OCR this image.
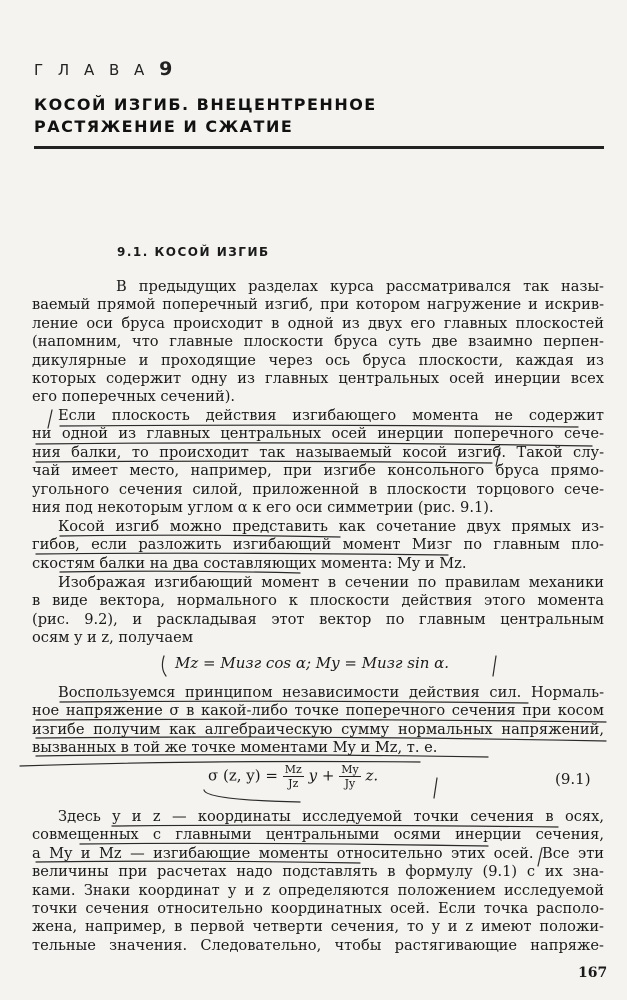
Г Л А В А 9
КОСОЙ ИЗГИБ. ВНЕЦЕНТРЕННОЕ
РАСТЯЖЕНИЕ И СЖАТИЕ
9.1. КОСОЙ ИЗГИБ
В предыдущих разделах курса рассматривался так назы-
ваемый прямой поперечный изгиб, при котором нагружение и искрив-
ление оси бруса происходит в одной из двух его главных плоскостей
(напомним, что главные плоскости бруса суть две взаимно перпен-
дикулярные и проходящие через ось бруса плоскости, каждая из
которых содержит одну из главных центральных осей инерции всех
его поперечных сечений).
Если плоскость действия изгибающего момента не содержит
ни одной из главных центральных осей инерции поперечного сече-
ния балки, то происходит так называемый косой изгиб. Такой слу-
чай имеет место, например, при изгибе консольного бруса прямо-
угольного сечения силой, приложенной в плоскости торцового сече-
ния под некоторым углом α к его оси симметрии (рис. 9.1).
Косой изгиб можно представить как сочетание двух прямых из-
гибов, если разложить изгибающий момент Mизг по главным пло-
скостям балки на два составляющих момента: My и Mz.
Изображая изгибающий момент в сечении по правилам механики
в виде вектора, нормального к плоскости действия этого момента
(рис. 9.2), и раскладывая этот вектор по главным центральным
осям y и z, получаем
Mz = Mизг cos α; My = Mизг sin α.
Воспользуемся принципом независимости действия сил. Нормаль-
ное напряжение σ в какой-либо точке поперечного сечения при косом
изгибе получим как алгебраическую сумму нормальных напряжений,
вызванных в той же точке моментами My и Mz, т. е.
σ (z, $y) = \frac{Mz}{Jz}$ $y + \frac{My}{Jy} z$.	(9.1)
Здесь y и z — координаты исследуемой точки сечения в осях,
совмещенных с главными центральными осями инерции сечения,
а My и Mz — изгибающие моменты относительно этих осей. Все эти
величины при расчетах надо подставлять в формулу (9.1) с их зна-
ками. Знаки координат y и z определяются положением исследуемой
точки сечения относительно координатных осей. Если точка располо-
жена, например, в первой четверти сечения, то y и z имеют положи-
тельные значения. Следовательно, чтобы растягивающие напряже-
167
